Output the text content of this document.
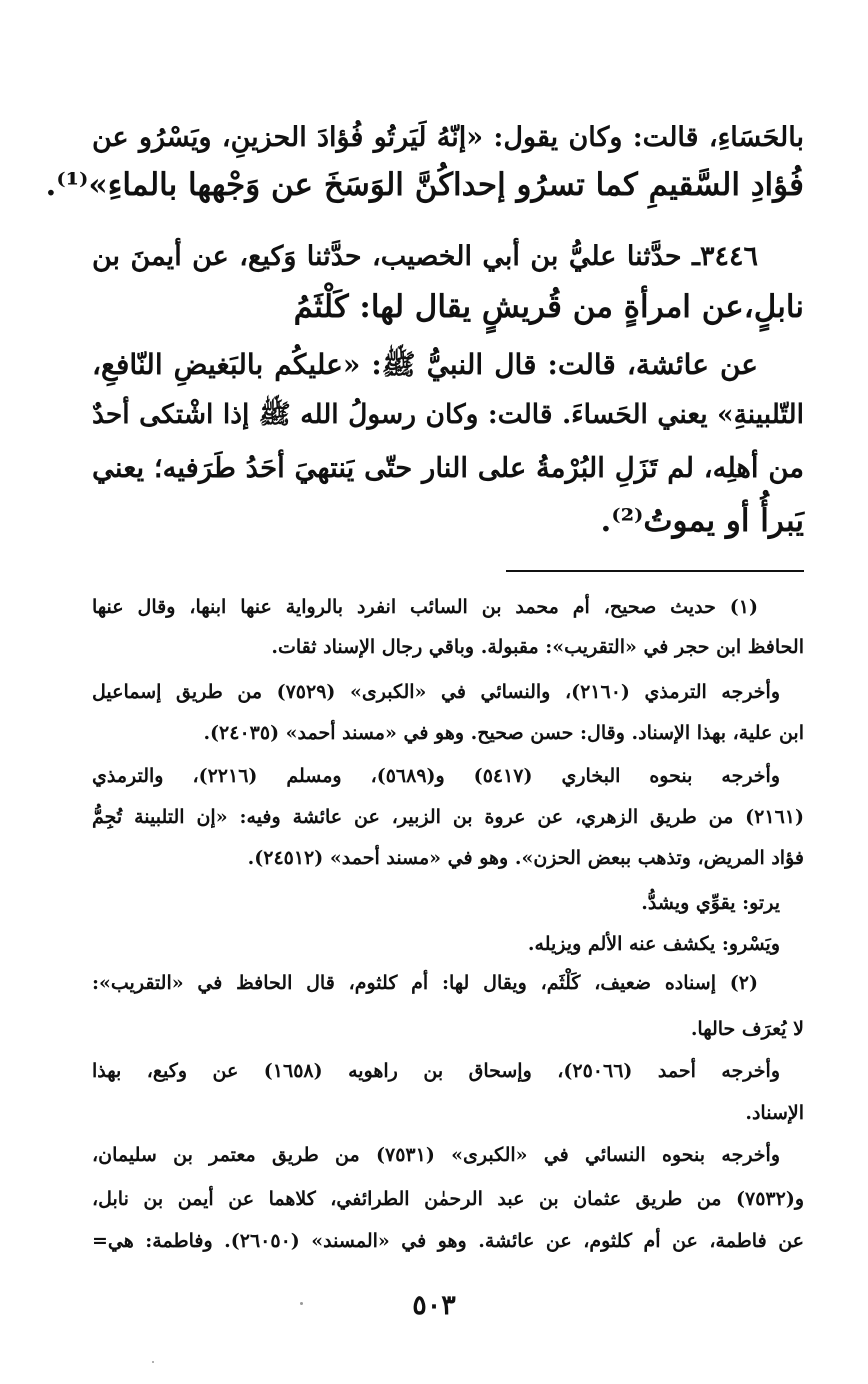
بالحَسَاءِ، قالت: وكان يقول: «إنّهُ لَيَرتُو فُؤادَ الحزينِ، ويَسْرُو عن

فُؤادِ السَّقيمِ كما تسرُو إحداكُنَّ الوَسَخَ عن وَجْهها بالماءِ»⁽¹⁾.

٣٤٤٦ـ حدَّثنا عليُّ بن أبي الخصيب، حدَّثنا وَكيع، عن أيمنَ بن

نابلٍ،عن امرأةٍ من قُريشٍ يقال لها: كَلْثَمُ

عن عائشة، قالت: قال النبيُّ ﷺ: «عليكُم بالبَغيضِ النّافعِ،

التّلبينةِ» يعني الحَساءَ. قالت: وكان رسولُ الله ﷺ إذا اشْتكى أحدٌ

من أهلِه، لم تَزَلِ البُرْمةُ على النار حتّى يَنتهيَ أحَدُ طَرَفيه؛ يعني

يَبرأُ أو يموتُ⁽²⁾.

(١) حديث صحيح، أم محمد بن السائب انفرد بالرواية عنها ابنها، وقال عنها

الحافظ ابن حجر في «التقريب»: مقبولة. وباقي رجال الإسناد ثقات.

وأخرجه الترمذي (٢١٦٠)، والنسائي في «الكبرى» (٧٥٢٩) من طريق إسماعيل

ابن علية، بهذا الإسناد. وقال: حسن صحيح. وهو في «مسند أحمد» (٢٤٠٣٥).

وأخرجه بنحوه البخاري (٥٤١٧) و(٥٦٨٩)، ومسلم (٢٢١٦)، والترمذي

(٢١٦١) من طريق الزهري، عن عروة بن الزبير، عن عائشة وفيه: «إن التلبينة تُجِمُّ

فؤاد المريض، وتذهب ببعض الحزن». وهو في «مسند أحمد» (٢٤٥١٢).

يرتو: يقوِّي ويشدُّ.

ويَسْرو: يكشف عنه الألم ويزيله.

(٢) إسناده ضعيف، كَلْثَم، ويقال لها: أم كلثوم، قال الحافظ في «التقريب»:

لا يُعرَف حالها.

وأخرجه أحمد (٢٥٠٦٦)، وإسحاق بن راهويه (١٦٥٨) عن وكيع، بهذا

الإسناد.

وأخرجه بنحوه النسائي في «الكبرى» (٧٥٣١) من طريق معتمر بن سليمان،

و(٧٥٣٢) من طريق عثمان بن عبد الرحمٰن الطرائفي، كلاهما عن أيمن بن نابل،

عن فاطمة، عن أم كلثوم، عن عائشة. وهو في «المسند» (٢٦٠٥٠). وفاطمة: هي=

٥٠٣
